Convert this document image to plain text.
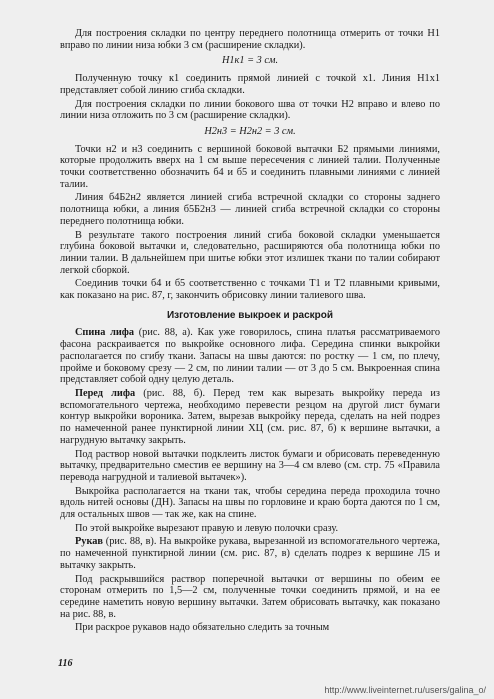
Для построения складки по центру переднего полотнища отмерить от точки H1 вправо по линии низа юбки 3 см (расширение складки).

H1к1 = 3 см.

Полученную точку к1 соединить прямой линией с точкой x1. Линия H1x1 представляет собой линию сгиба складки.

Для построения складки по линии бокового шва от точки H2 вправо и влево по линии низа отложить по 3 см (расширение складки).

H2н3 = H2н2 = 3 см.

Точки н2 и н3 соединить с вершиной боковой вытачки Б2 прямыми линиями, которые продолжить вверх на 1 см выше пересечения с линией талии. Полученные точки соответственно обозначить б4 и б5 и соединить плавными линиями с линией талии.

Линия б4Б2н2 является линией сгиба встречной складки со стороны заднего полотнища юбки, а линия б5Б2н3 — линией сгиба встречной складки со стороны переднего полотнища юбки.

В результате такого построения линий сгиба боковой складки уменьшается глубина боковой вытачки и, следовательно, расширяются оба полотнища юбки по линии талии. В дальнейшем при шитье юбки этот излишек ткани по талии собирают легкой сборкой.

Соединив точки б4 и б5 соответственно с точками T1 и T2 плавными кривыми, как показано на рис. 87, г, закончить обрисовку линии талиевого шва.

Изготовление выкроек и раскрой

Спина лифа (рис. 88, а). Как уже говорилось, спина платья рассматриваемого фасона раскраивается по выкройке основного лифа. Середина спинки выкройки располагается по сгибу ткани. Запасы на швы даются: по ростку — 1 см, по плечу, пройме и боковому срезу — 2 см, по линии талии — от 3 до 5 см. Выкроенная спина представляет собой одну целую деталь.

Перед лифа (рис. 88, б). Перед тем как вырезать выкройку переда из вспомогательного чертежа, необходимо перевести резцом на другой лист бумаги контур выкройки вороника. Затем, вырезав выкройку переда, сделать на ней подрез по намеченной ранее пунктирной линии ХЦ (см. рис. 87, б) к вершине вытачки, а нагрудную вытачку закрыть.

Под раствор новой вытачки подклеить листок бумаги и обрисовать переведенную вытачку, предварительно сместив ее вершину на 3—4 см влево (см. стр. 75 «Правила перевода нагрудной и талиевой вытачек»).

Выкройка располагается на ткани так, чтобы середина переда проходила точно вдоль нитей основы (ДН). Запасы на швы по горловине и краю борта даются по 1 см, для остальных швов — так же, как на спине.

По этой выкройке вырезают правую и левую полочки сразу.

Рукав (рис. 88, в). На выкройке рукава, вырезанной из вспомогательного чертежа, по намеченной пунктирной линии (см. рис. 87, в) сделать подрез к вершине Л5 и вытачку закрыть.

Под раскрывшийся раствор поперечной вытачки от вершины по обеим ее сторонам отмерить по 1,5—2 см, полученные точки соединить прямой, и на ее середине наметить новую вершину вытачки. Затем обрисовать вытачку, как показано на рис. 88, в.

При раскрое рукавов надо обязательно следить за точным

116
http://www.liveinternet.ru/users/galina_o/
